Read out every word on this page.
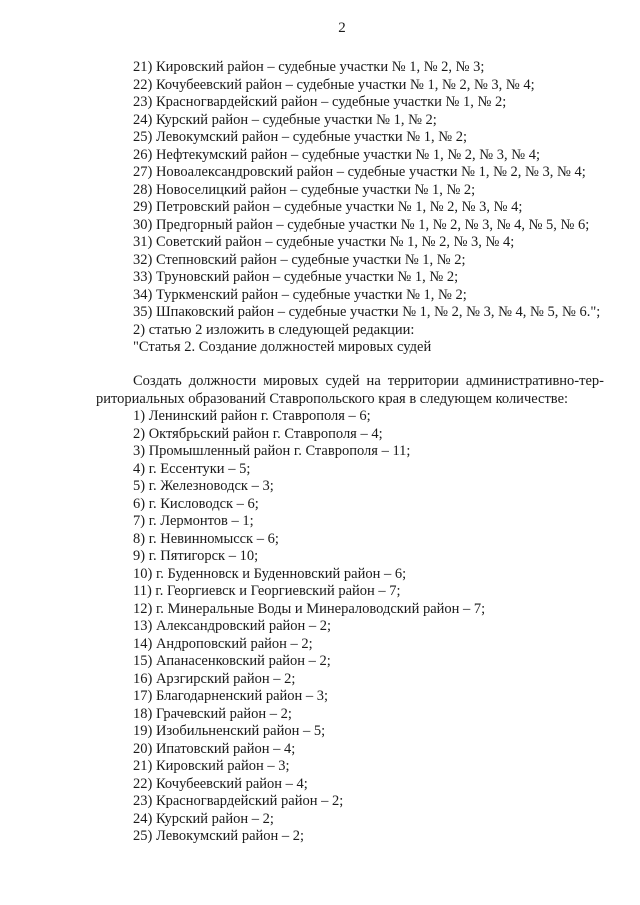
2
21) Кировский район – судебные участки № 1, № 2, № 3;
22) Кочубеевский район – судебные участки № 1, № 2, № 3, № 4;
23) Красногвардейский район – судебные участки № 1, № 2;
24) Курский район – судебные участки № 1, № 2;
25) Левокумский район – судебные участки № 1, № 2;
26) Нефтекумский район – судебные участки № 1, № 2, № 3, № 4;
27) Новоалександровский район – судебные участки № 1, № 2, № 3, № 4;
28) Новоселицкий район – судебные участки № 1, № 2;
29) Петровский район – судебные участки № 1, № 2, № 3, № 4;
30) Предгорный район – судебные участки № 1, № 2, № 3, № 4, № 5, № 6;
31) Советский район – судебные участки № 1, № 2, № 3, № 4;
32) Степновский район – судебные участки № 1, № 2;
33) Труновский район – судебные участки № 1, № 2;
34) Туркменский район – судебные участки № 1, № 2;
35) Шпаковский район – судебные участки № 1, № 2, № 3, № 4, № 5, № 6.";
2) статью 2 изложить в следующей редакции:
"Статья 2. Создание должностей мировых судей
Создать должности мировых судей на территории административно-тер-
риториальных образований Ставропольского края в следующем количестве:
1) Ленинский район г. Ставрополя – 6;
2) Октябрьский район г. Ставрополя – 4;
3) Промышленный район г. Ставрополя – 11;
4) г. Ессентуки – 5;
5) г. Железноводск – 3;
6) г. Кисловодск – 6;
7) г. Лермонтов – 1;
8) г. Невинномысск – 6;
9) г. Пятигорск – 10;
10) г. Буденновск и Буденновский район – 6;
11) г. Георгиевск и Георгиевский район – 7;
12) г. Минеральные Воды и Минераловодский район – 7;
13) Александровский район – 2;
14) Андроповский район – 2;
15) Апанасенковский район – 2;
16) Арзгирский район – 2;
17) Благодарненский район – 3;
18) Грачевский район – 2;
19) Изобильненский район – 5;
20) Ипатовский район – 4;
21) Кировский район – 3;
22) Кочубеевский район – 4;
23) Красногвардейский район – 2;
24) Курский район – 2;
25) Левокумский район – 2;
